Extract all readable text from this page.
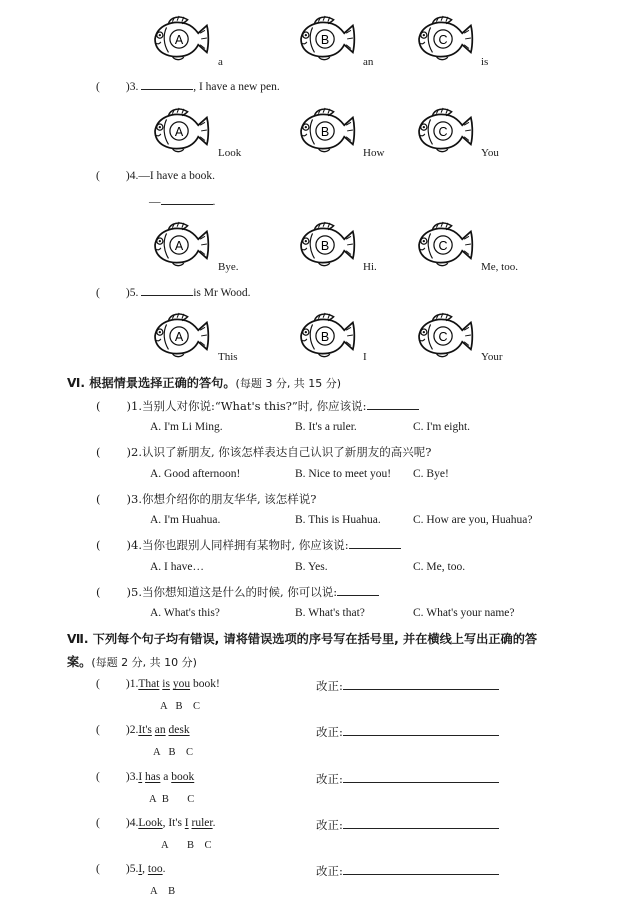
A
a
B
an
C
is
( )3.	, I have a new pen.
A
Look
B
How
C
You
( )4.—I have a book.
—	.
A
Bye.
B
Hi.
C
Me, too.
( )5.	is Mr Wood.
A
This
B
I
C
Your
Ⅵ. 根据情景选择正确的答句。(每题 3 分, 共 15 分)
( )1.当别人对你说:“What's this?”时, 你应该说:
A. I'm Li Ming.	B. It's a ruler.	C. I'm eight.
( )2.认识了新朋友, 你该怎样表达自己认识了新朋友的高兴呢?
A. Good afternoon!	B. Nice to meet you! C. Bye!
( )3.你想介绍你的朋友华华, 该怎样说?
A. I'm Huahua.	B. This is Huahua.	C. How are you, Huahua?
( )4.当你也跟别人同样拥有某物时, 你应该说:
A. I have…	B. Yes.	C. Me, too.
( )5.当你想知道这是什么的时候, 你可以说:
A. What's this?	B. What's that?	C. What's your name?
Ⅶ. 下列每个句子均有错误, 请将错误选项的序号写在括号里, 并在横线上写出正确的答
案。(每题 2 分, 共 10 分)
( )1.That is you book!
A B C
改正:
( )2.It's an desk
A B C
改正:
( )3.I has a book
A B C
改正:
( )4.Look, It's I ruler.
A B C
改正:
( )5.I, too.
A B
改正:
